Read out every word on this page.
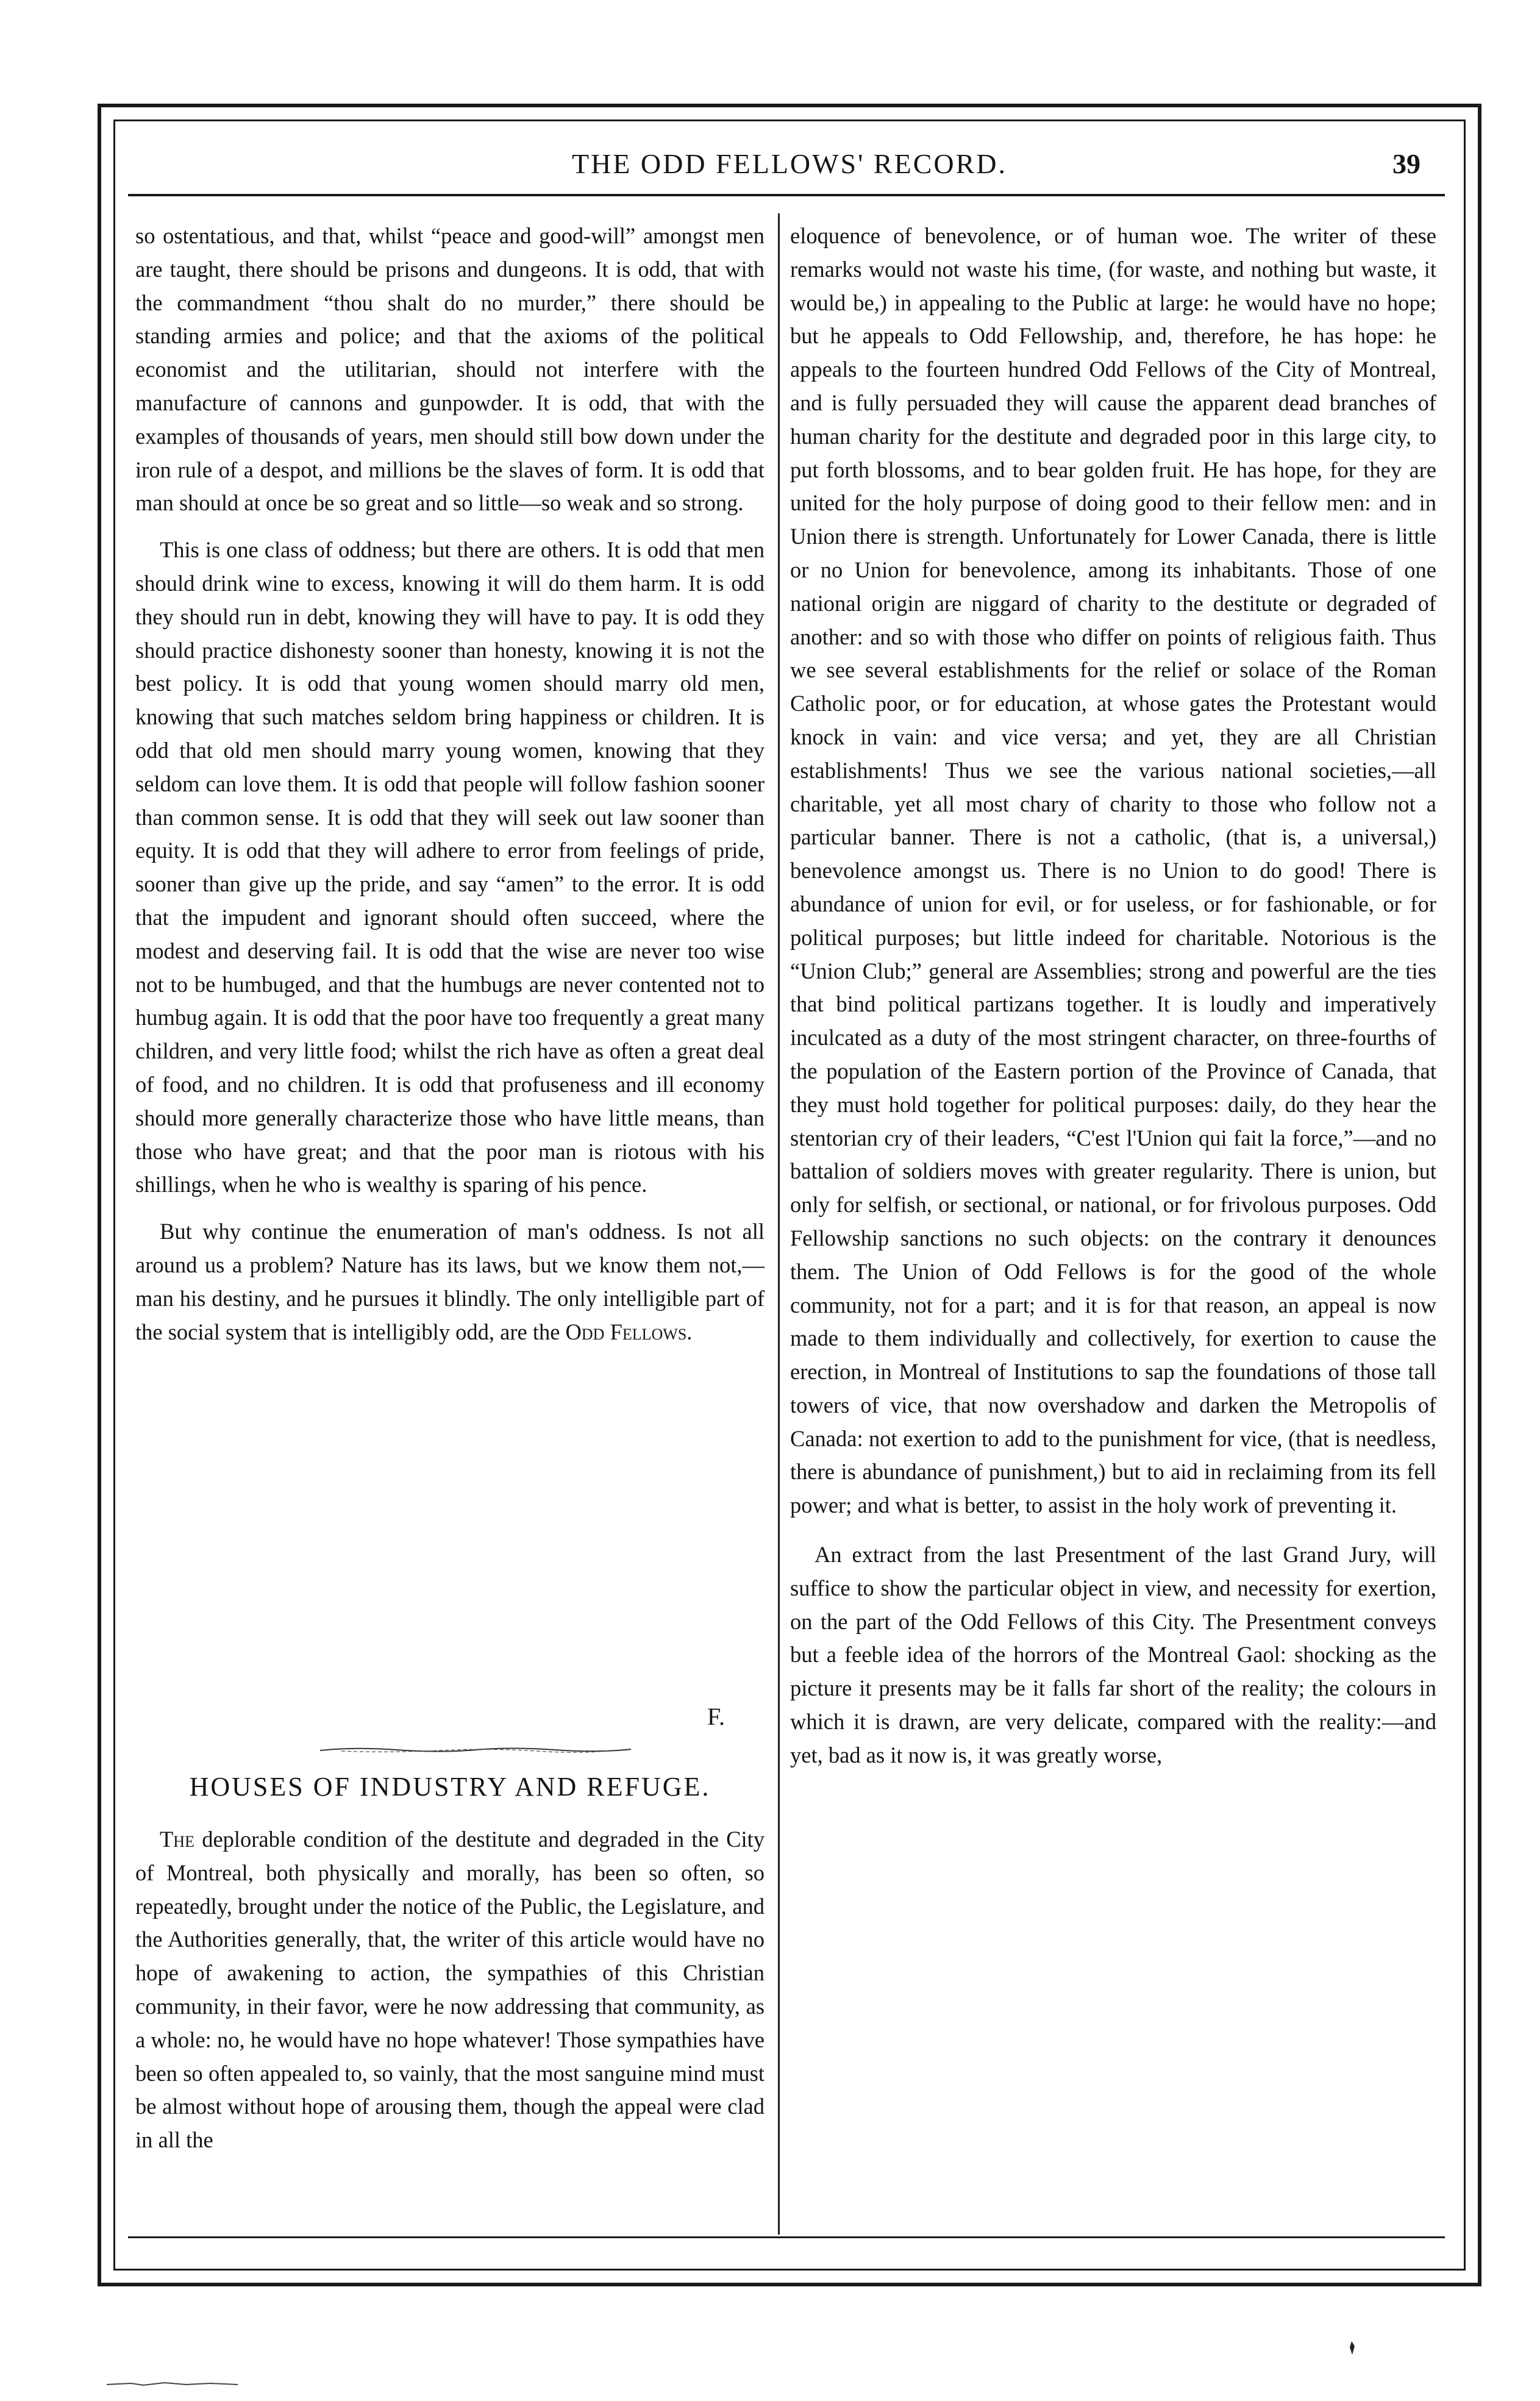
THE ODD FELLOWS' RECORD.	39

so ostentatious, and that, whilst “peace and good-will” amongst men are taught, there should be prisons and dungeons. It is odd, that with the commandment “thou shalt do no murder,” there should be standing armies and police; and that the axioms of the political economist and the utilitarian, should not interfere with the manufacture of cannons and gunpowder. It is odd, that with the examples of thousands of years, men should still bow down under the iron rule of a despot, and millions be the slaves of form. It is odd that man should at once be so great and so little—so weak and so strong.

This is one class of oddness; but there are others. It is odd that men should drink wine to excess, knowing it will do them harm. It is odd they should run in debt, knowing they will have to pay. It is odd they should practice dishonesty sooner than honesty, knowing it is not the best policy. It is odd that young women should marry old men, knowing that such matches seldom bring happiness or children. It is odd that old men should marry young women, knowing that they seldom can love them. It is odd that people will follow fashion sooner than common sense. It is odd that they will seek out law sooner than equity. It is odd that they will adhere to error from feelings of pride, sooner than give up the pride, and say “amen” to the error. It is odd that the impudent and ignorant should often succeed, where the modest and deserving fail. It is odd that the wise are never too wise not to be humbuged, and that the humbugs are never contented not to humbug again. It is odd that the poor have too frequently a great many children, and very little food; whilst the rich have as often a great deal of food, and no children. It is odd that profuseness and ill economy should more generally characterize those who have little means, than those who have great; and that the poor man is riotous with his shillings, when he who is wealthy is sparing of his pence.

But why continue the enumeration of man's oddness. Is not all around us a problem? Nature has its laws, but we know them not,—man his destiny, and he pursues it blindly. The only intelligible part of the social system that is intelligibly odd, are the Odd Fellows.

F.
HOUSES OF INDUSTRY AND REFUGE.

The deplorable condition of the destitute and degraded in the City of Montreal, both physically and morally, has been so often, so repeatedly, brought under the notice of the Public, the Legislature, and the Authorities generally, that, the writer of this article would have no hope of awakening to action, the sympathies of this Christian community, in their favor, were he now addressing that community, as a whole: no, he would have no hope whatever! Those sympathies have been so often appealed to, so vainly, that the most sanguine mind must be almost without hope of arousing them, though the appeal were clad in all the

eloquence of benevolence, or of human woe. The writer of these remarks would not waste his time, (for waste, and nothing but waste, it would be,) in appealing to the Public at large: he would have no hope; but he appeals to Odd Fellowship, and, therefore, he has hope: he appeals to the fourteen hundred Odd Fellows of the City of Montreal, and is fully persuaded they will cause the apparent dead branches of human charity for the destitute and degraded poor in this large city, to put forth blossoms, and to bear golden fruit. He has hope, for they are united for the holy purpose of doing good to their fellow men: and in Union there is strength. Unfortunately for Lower Canada, there is little or no Union for benevolence, among its inhabitants. Those of one national origin are niggard of charity to the destitute or degraded of another: and so with those who differ on points of religious faith. Thus we see several establishments for the relief or solace of the Roman Catholic poor, or for education, at whose gates the Protestant would knock in vain: and vice versa; and yet, they are all Christian establishments! Thus we see the various national societies,—all charitable, yet all most chary of charity to those who follow not a particular banner. There is not a catholic, (that is, a universal,) benevolence amongst us. There is no Union to do good! There is abundance of union for evil, or for useless, or for fashionable, or for political purposes; but little indeed for charitable. Notorious is the “Union Club;” general are Assemblies; strong and powerful are the ties that bind political partizans together. It is loudly and imperatively inculcated as a duty of the most stringent character, on three-fourths of the population of the Eastern portion of the Province of Canada, that they must hold together for political purposes: daily, do they hear the stentorian cry of their leaders, “C'est l'Union qui fait la force,”—and no battalion of soldiers moves with greater regularity. There is union, but only for selfish, or sectional, or national, or for frivolous purposes. Odd Fellowship sanctions no such objects: on the contrary it denounces them. The Union of Odd Fellows is for the good of the whole community, not for a part; and it is for that reason, an appeal is now made to them individually and collectively, for exertion to cause the erection, in Montreal of Institutions to sap the foundations of those tall towers of vice, that now overshadow and darken the Metropolis of Canada: not exertion to add to the punishment for vice, (that is needless, there is abundance of punishment,) but to aid in reclaiming from its fell power; and what is better, to assist in the holy work of preventing it.

An extract from the last Presentment of the last Grand Jury, will suffice to show the particular object in view, and necessity for exertion, on the part of the Odd Fellows of this City. The Presentment conveys but a feeble idea of the horrors of the Montreal Gaol: shocking as the picture it presents may be it falls far short of the reality; the colours in which it is drawn, are very delicate, compared with the reality:—and yet, bad as it now is, it was greatly worse,
